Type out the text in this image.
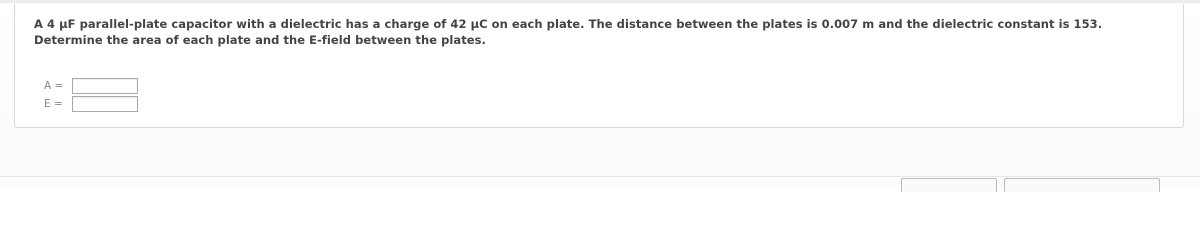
A 4 µF parallel-plate capacitor with a dielectric has a charge of 42 µC on each plate. The distance between the plates is 0.007 m and the dielectric constant is 153. Determine the area of each plate and the E-field between the plates.

A =
E =
